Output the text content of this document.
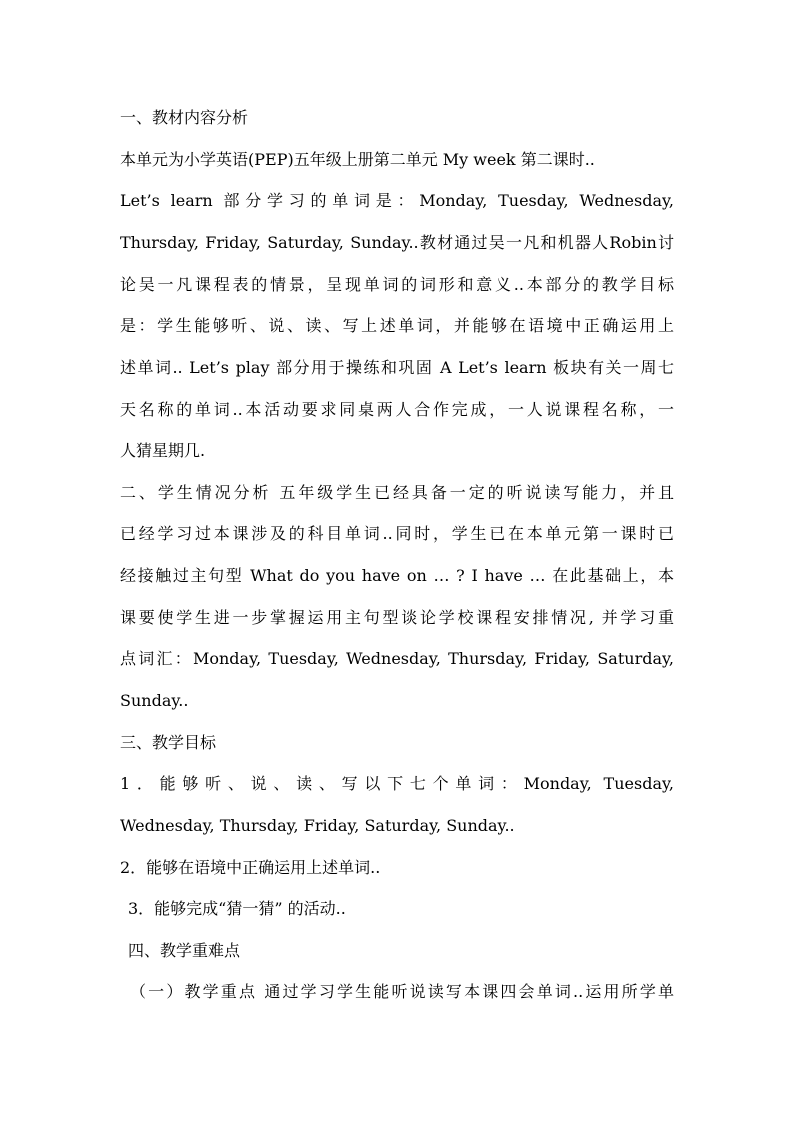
一、教材内容分析
本单元为小学英语(PEP)五年级上册第二单元 My week 第二课时..
Let’s learn 部分学习的单词是：Monday, Tuesday, Wednesday,
Thursday, Friday, Saturday, Sunday..教材通过吴一凡和机器人Robin讨
论吴一凡课程表的情景，呈现单词的词形和意义..本部分的教学目标
是：学生能够听、说、读、写上述单词，并能够在语境中正确运用上
述单词.. Let’s play 部分用于操练和巩固 A Let’s learn 板块有关一周七
天名称的单词..本活动要求同桌两人合作完成，一人说课程名称，一
人猜星期几.
二、学生情况分析 五年级学生已经具备一定的听说读写能力，并且
已经学习过本课涉及的科目单词..同时，学生已在本单元第一课时已
经接触过主句型 What do you have on … ? I have … 在此基础上，本
课要使学生进一步掌握运用主句型谈论学校课程安排情况, 并学习重
点词汇：Monday, Tuesday, Wednesday, Thursday, Friday, Saturday,
Sunday..
三、教学目标
1．能够听、说、读、写以下七个单词：Monday, Tuesday,
Wednesday, Thursday, Friday, Saturday, Sunday..
2．能够在语境中正确运用上述单词..
3．能够完成“猜一猜” 的活动..
四、教学重难点
（一）教学重点 通过学习学生能听说读写本课四会单词..运用所学单
